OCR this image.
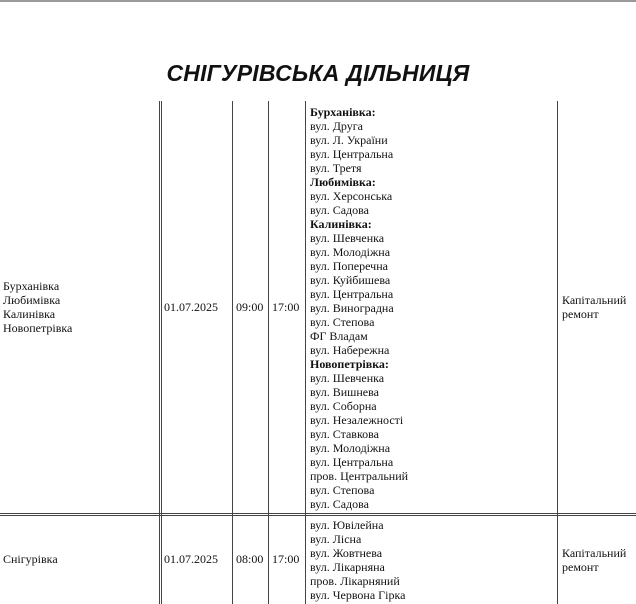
СНІГУРІВСЬКА ДІЛЬНИЦЯ
Бурханівка
Любимівка
Калинівка
Новопетрівка
01.07.2025 09:00 17:00
Бурханівка:
вул. Друга
вул. Л. України
вул. Центральна
вул. Третя
Любимівка:
вул. Херсонська
вул. Садова
Калинівка:
вул. Шевченка
вул. Молодіжна
вул. Поперечна
вул. Куйбишева
вул. Центральна
вул. Виноградна
вул. Степова
ФГ Владам
вул. Набережна
Новопетрівка:
вул. Шевченка
вул. Вишнева
вул. Соборна
вул. Незалежності
вул. Ставкова
вул. Молодіжна
вул. Центральна
пров. Центральний
вул. Степова
вул. Садова
Капітальний
ремонт
Снігурівка	01.07.2025 08:00 17:00
вул. Ювілейна
вул. Лісна
вул. Жовтнева
вул. Лікарняна
пров. Лікарняний
вул. Червона Гірка
Капітальний
ремонт
